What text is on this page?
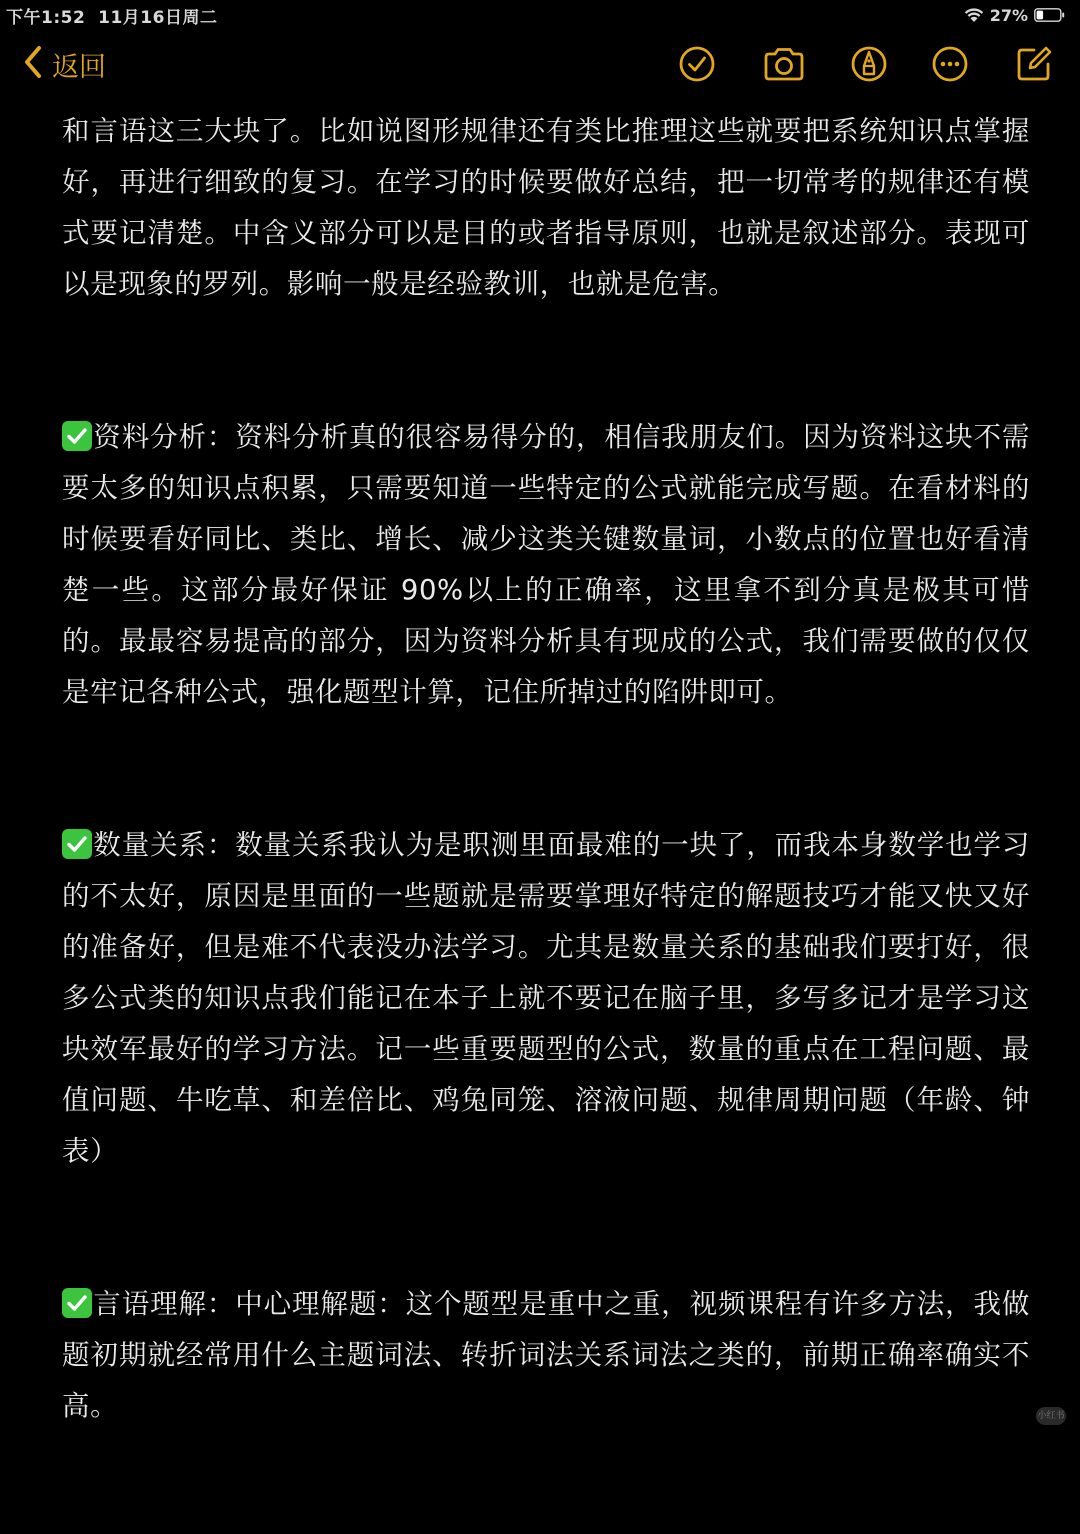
下午1:52 11月16日周二	27%
返回

和言语这三大块了。比如说图形规律还有类比推理这些就要把系统知识点掌握好，再进行细致的复习。在学习的时候要做好总结，把一切常考的规律还有模式要记清楚。中含义部分可以是目的或者指导原则，也就是叙述部分。表现可以是现象的罗列。影响一般是经验教训，也就是危害。

资料分析：资料分析真的很容易得分的，相信我朋友们。因为资料这块不需要太多的知识点积累，只需要知道一些特定的公式就能完成写题。在看材料的时候要看好同比、类比、增长、减少这类关键数量词，小数点的位置也好看清楚一些。这部分最好保证 90%以上的正确率，这里拿不到分真是极其可惜的。最最容易提高的部分，因为资料分析具有现成的公式，我们需要做的仅仅是牢记各种公式，强化题型计算，记住所掉过的陷阱即可。

数量关系：数量关系我认为是职测里面最难的一块了，而我本身数学也学习的不太好，原因是里面的一些题就是需要掌理好特定的解题技巧才能又快又好的准备好，但是难不代表没办法学习。尤其是数量关系的基础我们要打好，很多公式类的知识点我们能记在本子上就不要记在脑子里，多写多记才是学习这块效军最好的学习方法。记一些重要题型的公式，数量的重点在工程问题、最值问题、牛吃草、和差倍比、鸡兔同笼、溶液问题、规律周期问题（年龄、钟表）

言语理解：中心理解题：这个题型是重中之重，视频课程有许多方法，我做题初期就经常用什么主题词法、转折词法关系词法之类的，前期正确率确实不高。	小红书
